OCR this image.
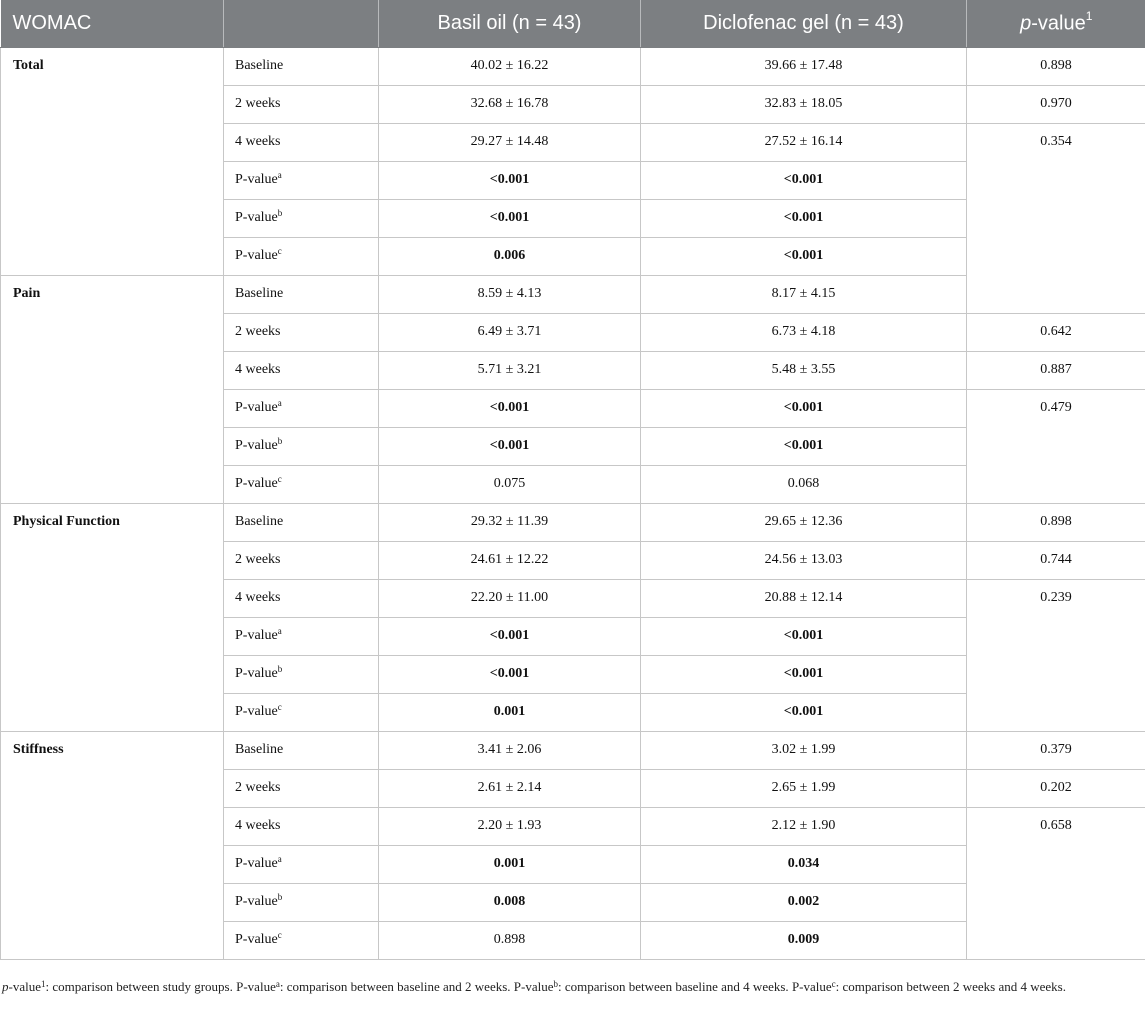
WOMAC		Basil oil (n = 43)	Diclofenac gel (n = 43)	p-value$^1$
Total	Baseline	40.02 ± 16.22	39.66 ± 17.48	0.898	
	2 weeks	32.68 ± 16.78	32.83 ± 18.05	0.970	
	4 weeks	29.27 ± 14.48	27.52 ± 16.14	0.354	
	P-value$^a$	<0.001	<0.001		
	P-value$^b$	<0.001	<0.001		
	P-value$^c$	0.006	<0.001		
Pain	Baseline	8.59 ± 4.13	8.17 ± 4.15		
	2 weeks	6.49 ± 3.71	6.73 ± 4.18	0.642	
	4 weeks	5.71 ± 3.21	5.48 ± 3.55	0.887	
	P-value$^a$	<0.001	<0.001	0.479	
	P-value$^b$	<0.001	<0.001		
	P-value$^c$	0.075	0.068		
Physical Function	Baseline	29.32 ± 11.39	29.65 ± 12.36	0.898	
	2 weeks	24.61 ± 12.22	24.56 ± 13.03	0.744	
	4 weeks	22.20 ± 11.00	20.88 ± 12.14	0.239	
	P-value$^a$	<0.001	<0.001		
	P-value$^b$	<0.001	<0.001		
	P-value$^c$	0.001	<0.001		
Stiffness	Baseline	3.41 ± 2.06	3.02 ± 1.99	0.379	
	2 weeks	2.61 ± 2.14	2.65 ± 1.99	0.202	
	4 weeks	2.20 ± 1.93	2.12 ± 1.90	0.658	
	P-value$^a$	0.001	0.034		
	P-value$^b$	0.008	0.002		
	P-value$^c$	0.898	0.009		
p-value$^1$: comparison between study groups. P-value$^a$: comparison between baseline and 2 weeks. P-value$^b$: comparison between baseline and 4 weeks. P-value$^c$: comparison between 2 weeks and 4 weeks.
